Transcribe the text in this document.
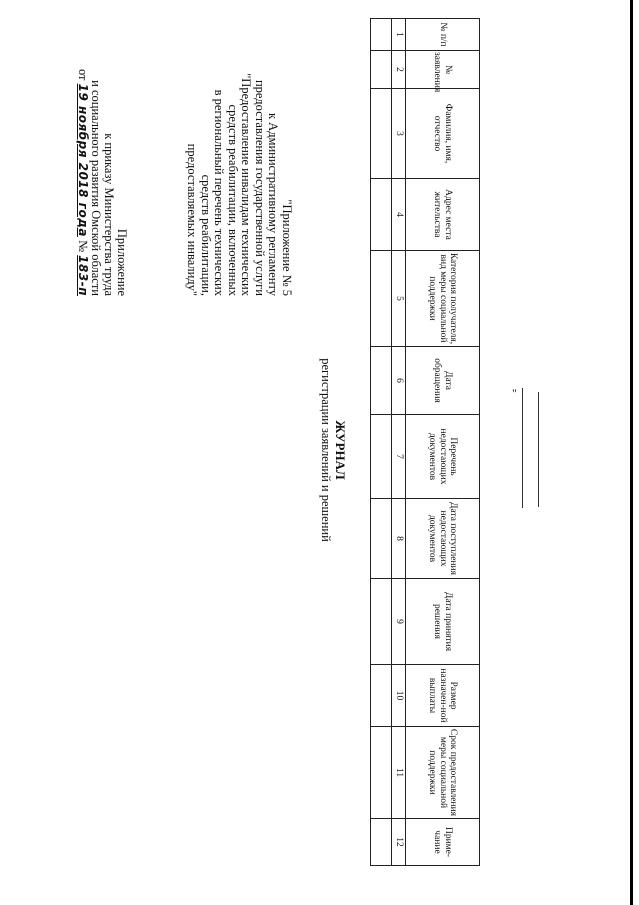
Приложение
к приказу Министерства труда
и социального развития Омской области
от 19 ноября 2018 года № 183-п	"Приложение № 5
к Административному регламенту
предоставления государственной услуги
"Предоставление инвалидам технических
средств реабилитации, включенных
в региональный перечень технических
средств реабилитации,
предоставляемых инвалиду"
ЖУРНАЛ
регистрации заявлений и решений
№ п/п	№ заявления	Фамилия, имя, отчество	Адрес места жительства	Категория получателя, вид меры социальной поддержки	Дата обращения	Перечень недостающих документов	Дата поступления недостающих документов	Дата принятия решения	Размер назначен-ной выплаты	Срок предоставления меры социальной поддержки	Приме-чание
1	2	3	4	5	6	7	8	9	10	11	12

"
